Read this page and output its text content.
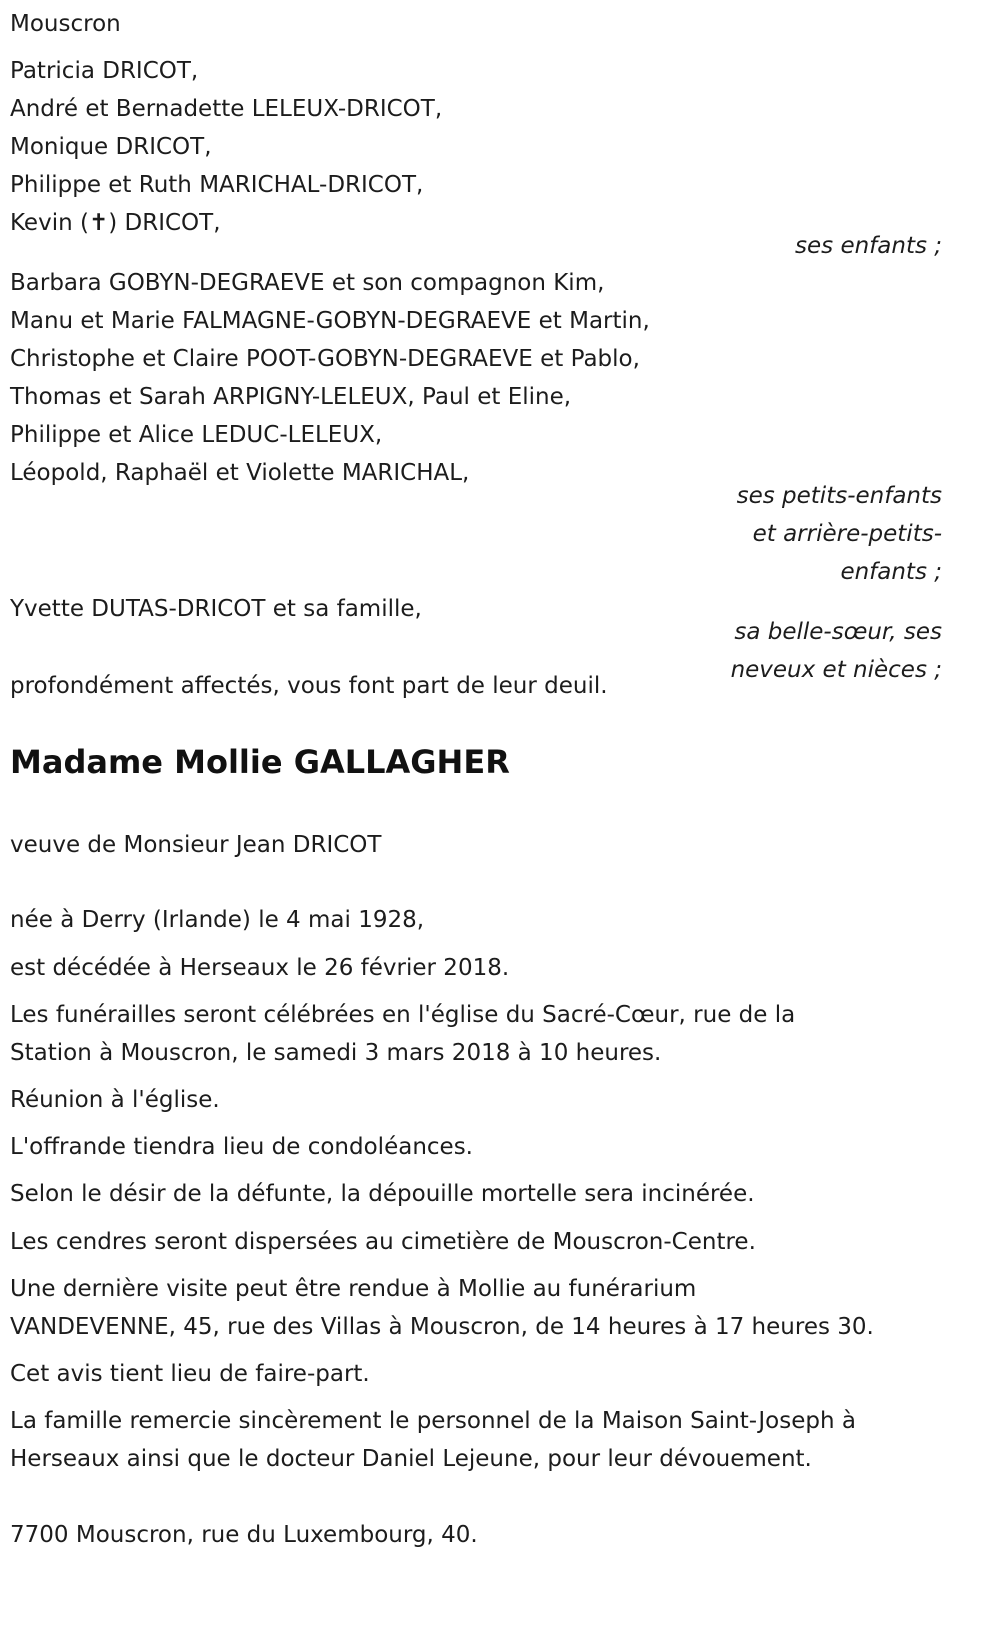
Mouscron
Patricia DRICOT,
André et Bernadette LELEUX-DRICOT,
Monique DRICOT,
Philippe et Ruth MARICHAL-DRICOT,
Kevin (✝) DRICOT,
ses enfants ;
Barbara GOBYN-DEGRAEVE et son compagnon Kim,
Manu et Marie FALMAGNE-GOBYN-DEGRAEVE et Martin,
Christophe et Claire POOT-GOBYN-DEGRAEVE et Pablo,
Thomas et Sarah ARPIGNY-LELEUX, Paul et Eline,
Philippe et Alice LEDUC-LELEUX,
Léopold, Raphaël et Violette MARICHAL,
ses petits-enfants
et arrière-petits-
enfants ;
Yvette DUTAS-DRICOT et sa famille,
sa belle-sœur, ses
neveux et nièces ;
profondément affectés, vous font part de leur deuil.
Madame Mollie GALLAGHER
veuve de Monsieur Jean DRICOT
née à Derry (Irlande) le 4 mai 1928,
est décédée à Herseaux le 26 février 2018.
Les funérailles seront célébrées en l'église du Sacré-Cœur, rue de la
Station à Mouscron, le samedi 3 mars 2018 à 10 heures.
Réunion à l'église.
L'offrande tiendra lieu de condoléances.
Selon le désir de la défunte, la dépouille mortelle sera incinérée.
Les cendres seront dispersées au cimetière de Mouscron-Centre.
Une dernière visite peut être rendue à Mollie au funérarium
VANDEVENNE, 45, rue des Villas à Mouscron, de 14 heures à 17 heures 30.
Cet avis tient lieu de faire-part.
La famille remercie sincèrement le personnel de la Maison Saint-Joseph à
Herseaux ainsi que le docteur Daniel Lejeune, pour leur dévouement.
7700 Mouscron, rue du Luxembourg, 40.
